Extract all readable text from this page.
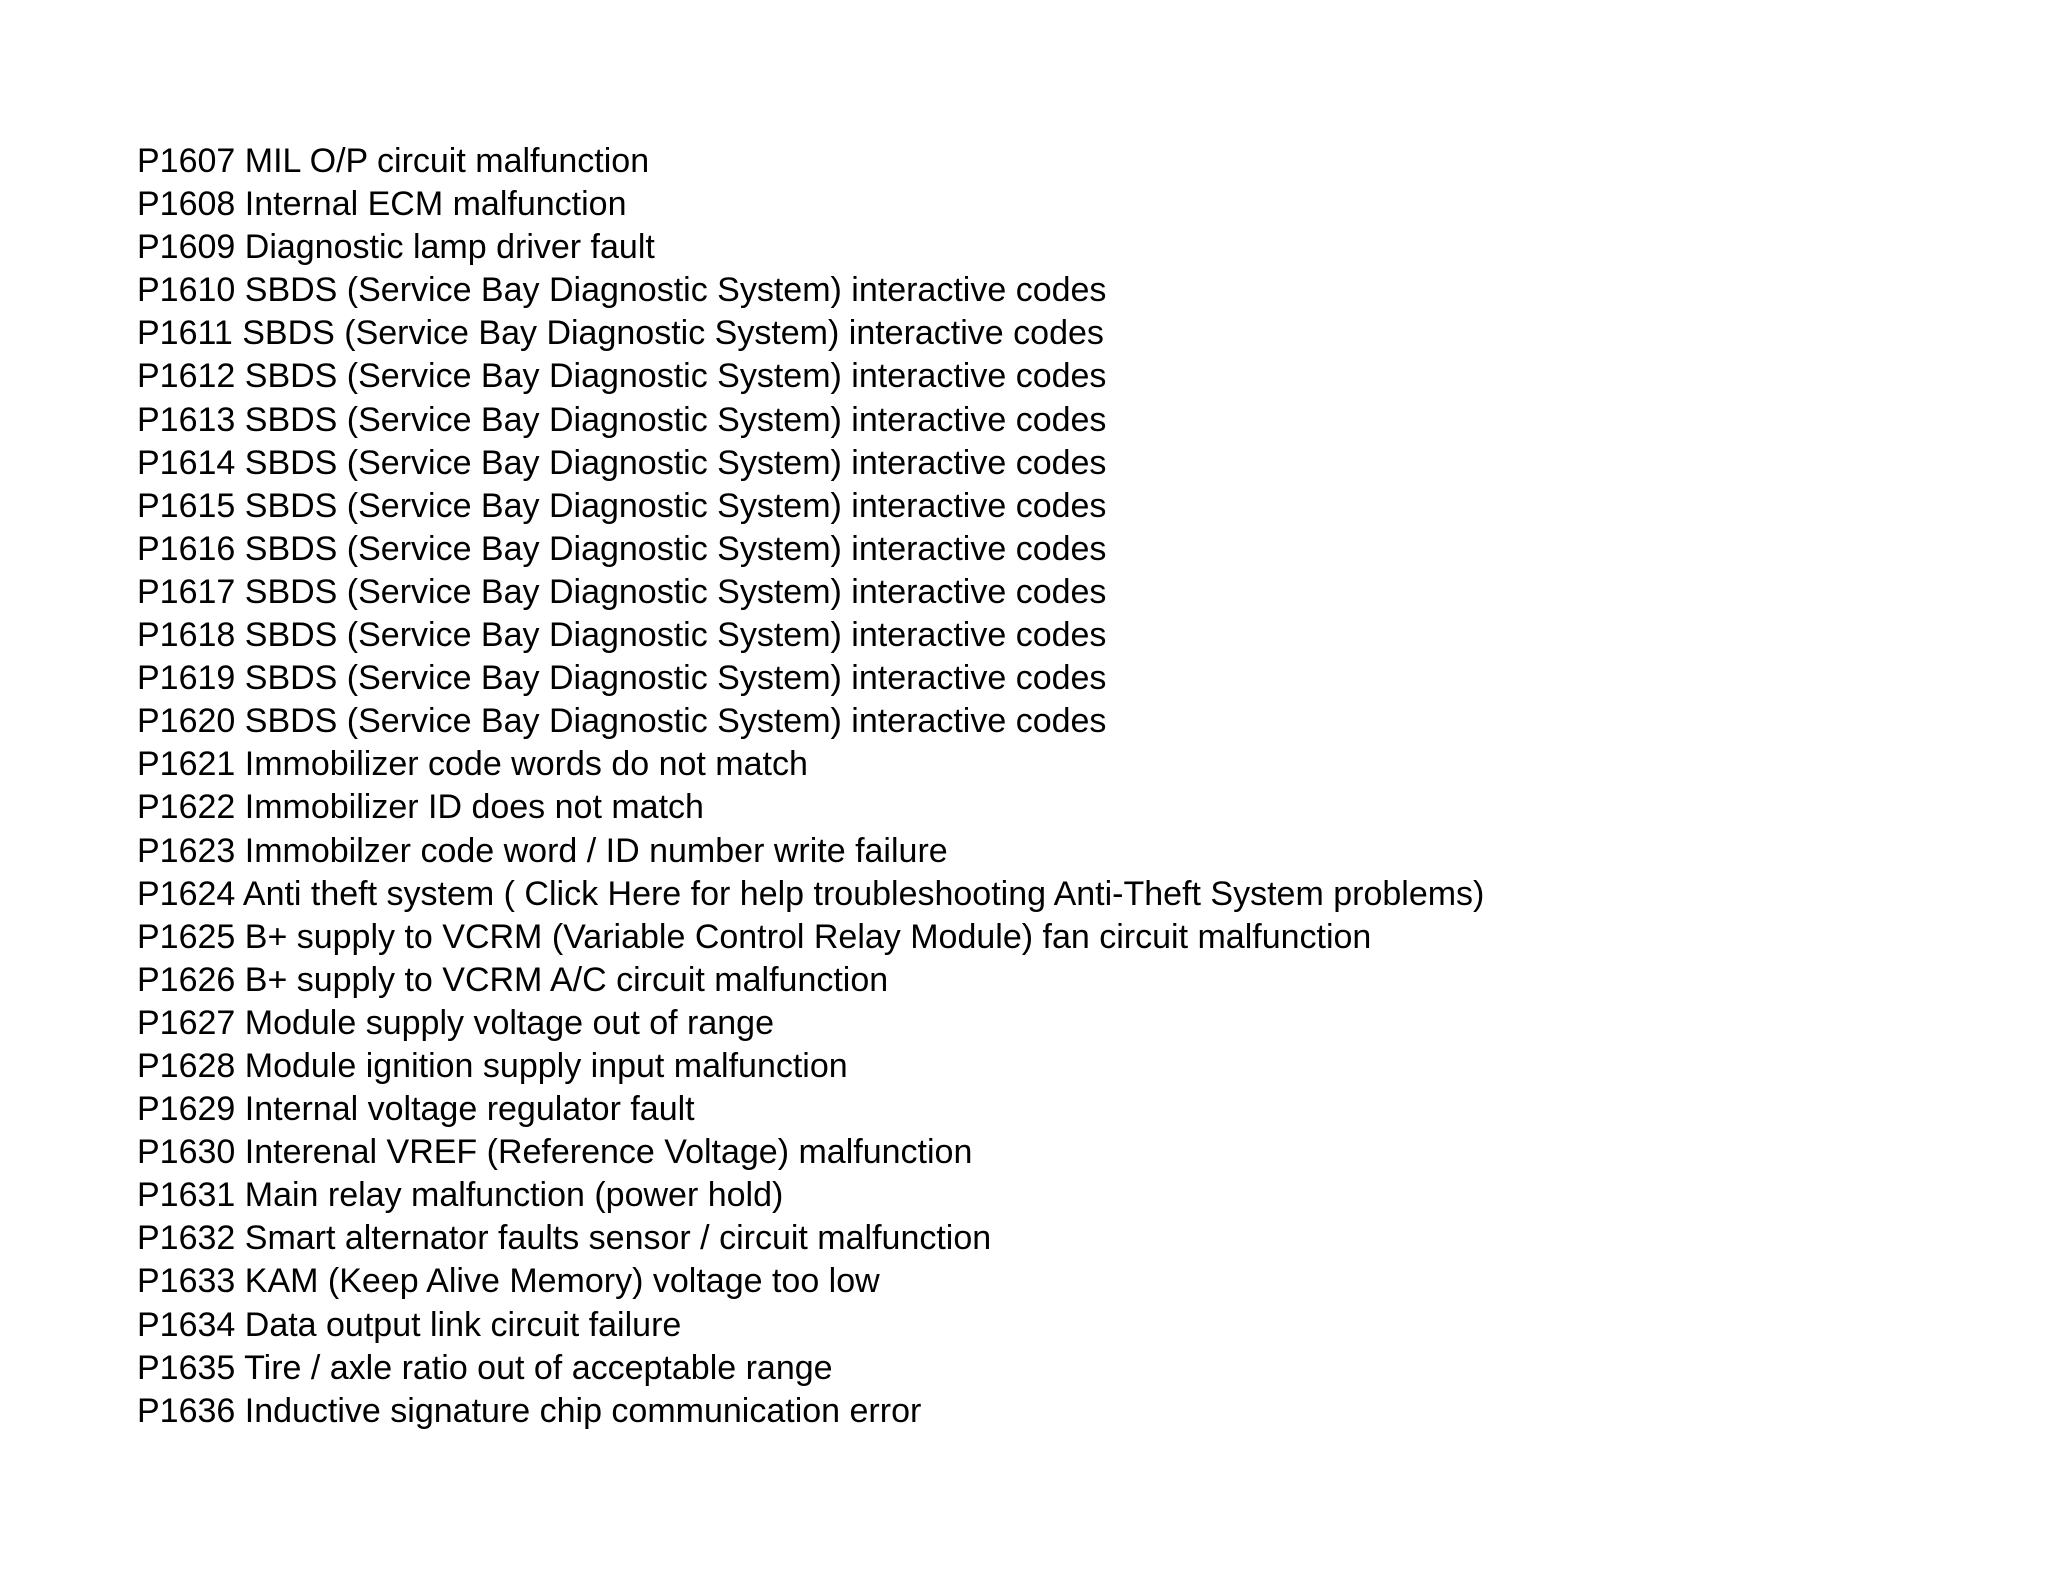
P1607 MIL O/P circuit malfunction
P1608 Internal ECM malfunction
P1609 Diagnostic lamp driver fault
P1610 SBDS (Service Bay Diagnostic System) interactive codes
P1611 SBDS (Service Bay Diagnostic System) interactive codes
P1612 SBDS (Service Bay Diagnostic System) interactive codes
P1613 SBDS (Service Bay Diagnostic System) interactive codes
P1614 SBDS (Service Bay Diagnostic System) interactive codes
P1615 SBDS (Service Bay Diagnostic System) interactive codes
P1616 SBDS (Service Bay Diagnostic System) interactive codes
P1617 SBDS (Service Bay Diagnostic System) interactive codes
P1618 SBDS (Service Bay Diagnostic System) interactive codes
P1619 SBDS (Service Bay Diagnostic System) interactive codes
P1620 SBDS (Service Bay Diagnostic System) interactive codes
P1621 Immobilizer code words do not match
P1622 Immobilizer ID does not match
P1623 Immobilzer code word / ID number write failure
P1624 Anti theft system ( Click Here for help troubleshooting Anti-Theft System problems)
P1625 B+ supply to VCRM (Variable Control Relay Module) fan circuit malfunction
P1626 B+ supply to VCRM A/C circuit malfunction
P1627 Module supply voltage out of range
P1628 Module ignition supply input malfunction
P1629 Internal voltage regulator fault
P1630 Interenal VREF (Reference Voltage) malfunction
P1631 Main relay malfunction (power hold)
P1632 Smart alternator faults sensor / circuit malfunction
P1633 KAM (Keep Alive Memory) voltage too low
P1634 Data output link circuit failure
P1635 Tire / axle ratio out of acceptable range
P1636 Inductive signature chip communication error
